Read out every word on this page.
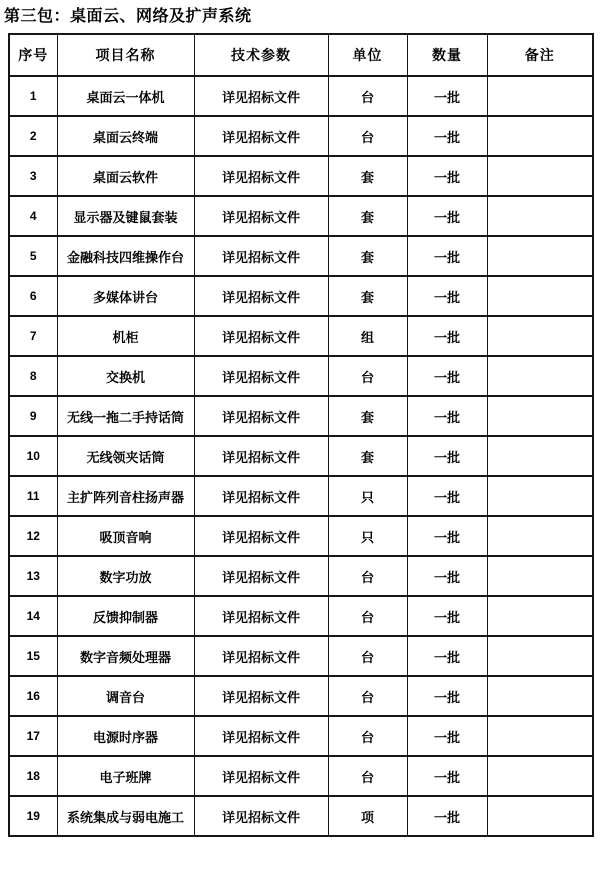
第三包：桌面云、网络及扩声系统
序号	项目名称	技术参数	单位	数量	备注
1	桌面云一体机	详见招标文件	台	一批	
2	桌面云终端	详见招标文件	台	一批	
3	桌面云软件	详见招标文件	套	一批	
4	显示器及键鼠套装	详见招标文件	套	一批	
5	金融科技四维操作台	详见招标文件	套	一批	
6	多媒体讲台	详见招标文件	套	一批	
7	机柜	详见招标文件	组	一批	
8	交换机	详见招标文件	台	一批	
9	无线一拖二手持话筒	详见招标文件	套	一批	
10	无线领夹话筒	详见招标文件	套	一批	
11	主扩阵列音柱扬声器	详见招标文件	只	一批	
12	吸顶音响	详见招标文件	只	一批	
13	数字功放	详见招标文件	台	一批	
14	反馈抑制器	详见招标文件	台	一批	
15	数字音频处理器	详见招标文件	台	一批	
16	调音台	详见招标文件	台	一批	
17	电源时序器	详见招标文件	台	一批	
18	电子班牌	详见招标文件	台	一批	
19	系统集成与弱电施工	详见招标文件	项	一批	
